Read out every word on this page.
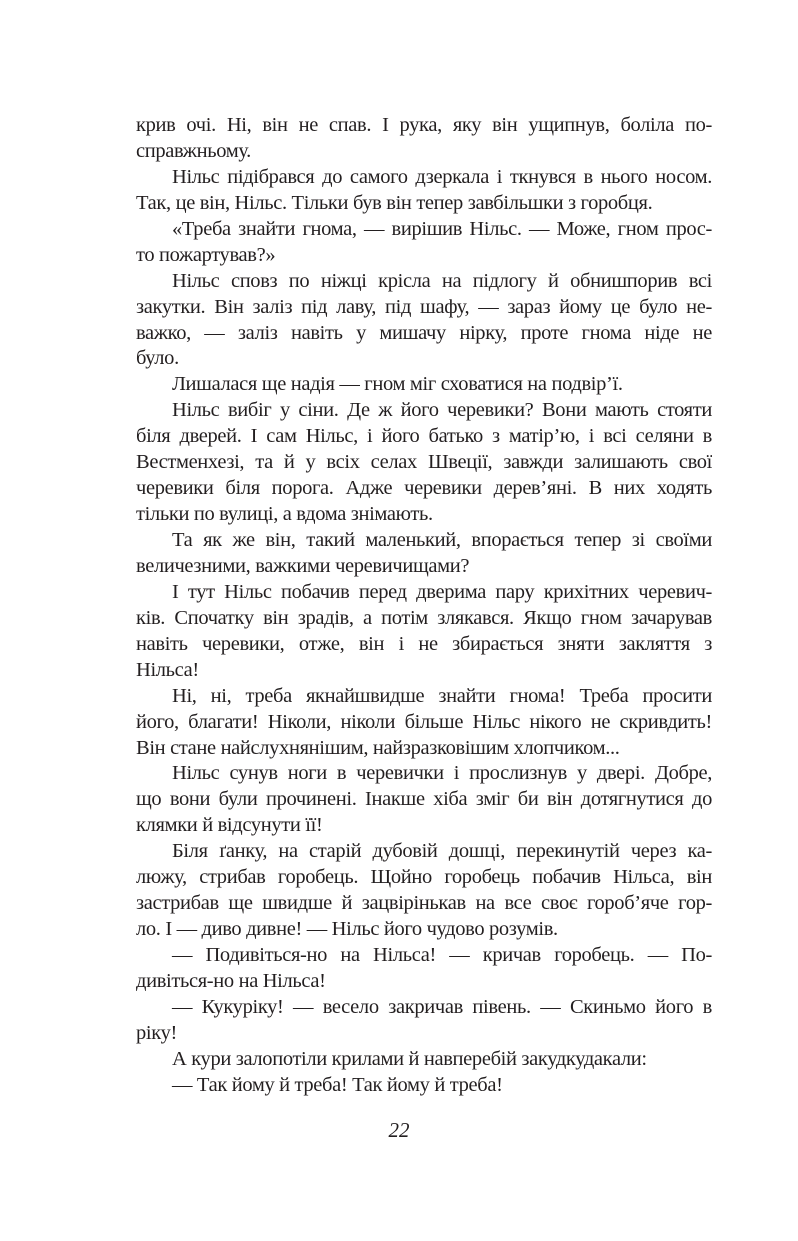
крив очі. Ні, він не спав. І рука, яку він ущипнув, боліла по-
справжньому.
Нільс підібрався до самого дзеркала і ткнувся в нього носом.
Так, це він, Нільс. Тільки був він тепер завбільшки з горобця.
«Треба знайти гнома, — вирішив Нільс. — Може, гном прос-
то пожартував?»
Нільс сповз по ніжці крісла на підлогу й обнишпорив всі
закутки. Він заліз під лаву, під шафу, — зараз йому це було не-
важко, — заліз навіть у мишачу нірку, проте гнома ніде не
було.
Лишалася ще надія — гном міг сховатися на подвір’ї.
Нільс вибіг у сіни. Де ж його черевики? Вони мають стояти
біля дверей. І сам Нільс, і його батько з матір’ю, і всі селяни в
Вестменхезі, та й у всіх селах Швеції, завжди залишають свої
черевики біля порога. Адже черевики дерев’яні. В них ходять
тільки по вулиці, а вдома знімають.
Та як же він, такий маленький, впорається тепер зі своїми
величезними, важкими черевичищами?
І тут Нільс побачив перед дверима пару крихітних черевич-
ків. Спочатку він зрадів, а потім злякався. Якщо гном зачарував
навіть черевики, отже, він і не збирається зняти закляття з
Нільса!
Ні, ні, треба якнайшвидше знайти гнома! Треба просити
його, благати! Ніколи, ніколи більше Нільс нікого не скривдить!
Він стане найслухнянішим, найзразковішим хлопчиком...
Нільс сунув ноги в черевички і прослизнув у двері. Добре,
що вони були прочинені. Інакше хіба зміг би він дотягнутися до
клямки й відсунути її!
Біля ґанку, на старій дубовій дошці, перекинутій через ка-
люжу, стрибав горобець. Щойно горобець побачив Нільса, він
застрибав ще швидше й зацвірінькав на все своє гороб’яче гор-
ло. І — диво дивне! — Нільс його чудово розумів.
— Подивіться-но на Нільса! — кричав горобець. — По-
дивіться-но на Нільса!
— Кукуріку! — весело закричав півень. — Скиньмо його в
ріку!
А кури залопотіли крилами й навперебій закудкудакали:
— Так йому й треба! Так йому й треба!
22
